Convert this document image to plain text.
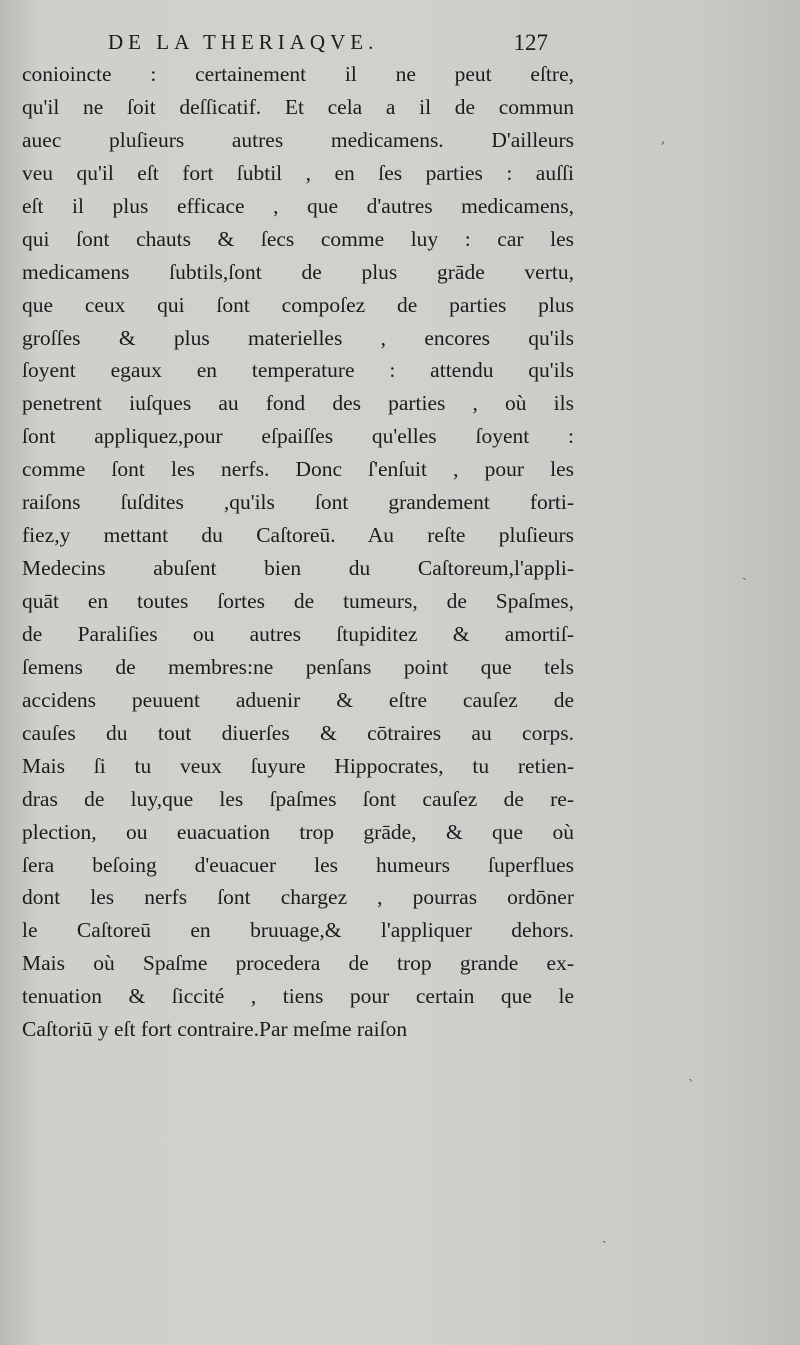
DE LA THERIAQVE.	127
conioincte : certainement il ne peut eſtre,
qu'il ne ſoit deſſicatif. Et cela a il de commun
auec pluſieurs autres medicamens. D'ailleurs
veu qu'il eſt fort ſubtil , en ſes parties : auſſi
eſt il plus efficace , que d'autres medicamens,
qui ſont chauts & ſecs comme luy : car les
medicamens ſubtils,ſont de plus grāde vertu,
que ceux qui ſont compoſez de parties plus
groſſes & plus materielles , encores qu'ils
ſoyent egaux en temperature : attendu qu'ils
penetrent iuſques au fond des parties , où ils
ſont appliquez,pour eſpaiſſes qu'elles ſoyent :
comme ſont les nerfs. Donc ſ'enſuit , pour les
raiſons ſuſdites ,qu'ils ſont grandement forti-
fiez,y mettant du Caſtoreū. Au reſte pluſieurs
Medecins abuſent bien du Caſtoreum,l'appli-
quāt en toutes ſortes de tumeurs, de Spaſmes,
de Paraliſies ou autres ſtupiditez & amortiſ-
ſemens de membres:ne penſans point que tels
accidens peuuent aduenir & eſtre cauſez de
cauſes du tout diuerſes & cōtraires au corps.
Mais ſi tu veux ſuyure Hippocrates, tu retien-
dras de luy,que les ſpaſmes ſont cauſez de re-
plection, ou euacuation trop grāde, & que où
ſera beſoing d'euacuer les humeurs ſuperflues
dont les nerfs ſont chargez , pourras ordōner
le Caſtoreū en bruuage,& l'appliquer dehors.
Mais où Spaſme procedera de trop grande ex-
tenuation & ſiccité , tiens pour certain que le
Caſtoriū y eſt fort contraire.Par meſme raiſon
ʼ
ˏ
ˋ
ˏ
